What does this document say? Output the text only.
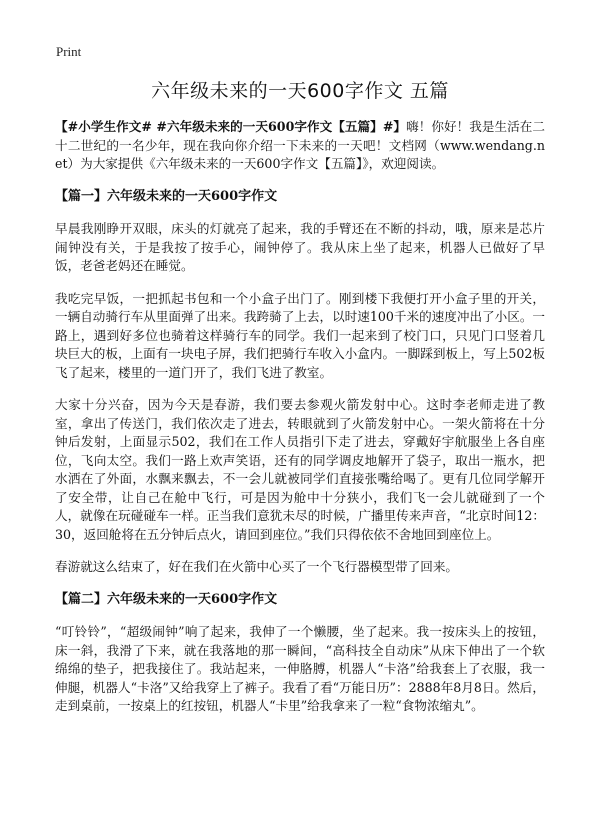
Print
六年级未来的一天600字作文 五篇

【#小学生作文# #六年级未来的一天600字作文【五篇】#】嗨！你好！我是生活在二十二世纪的一名少年，现在我向你介绍一下未来的一天吧！文档网（www.wendang.net）为大家提供《六年级未来的一天600字作文【五篇】》，欢迎阅读。

【篇一】六年级未来的一天600字作文

早晨我刚睁开双眼，床头的灯就亮了起来，我的手臂还在不断的抖动，哦，原来是芯片闹钟没有关，于是我按了按手心，闹钟停了。我从床上坐了起来，机器人已做好了早饭，老爸老妈还在睡觉。

我吃完早饭，一把抓起书包和一个小盒子出门了。刚到楼下我便打开小盒子里的开关，一辆自动骑行车从里面弹了出来。我跨骑了上去，以时速100千米的速度冲出了小区。一路上，遇到好多位也骑着这样骑行车的同学。我们一起来到了校门口，只见门口竖着几块巨大的板，上面有一块电子屏，我们把骑行车收入小盒内。一脚踩到板上，写上502板飞了起来，楼里的一道门开了，我们飞进了教室。

大家十分兴奋，因为今天是春游，我们要去参观火箭发射中心。这时李老师走进了教室，拿出了传送门，我们依次走了进去，转眼就到了火箭发射中心。一架火箭将在十分钟后发射，上面显示502，我们在工作人员指引下走了进去，穿戴好宇航服坐上各自座位，飞向太空。我们一路上欢声笑语，还有的同学调皮地解开了袋子，取出一瓶水，把水洒在了外面，水飘来飘去，不一会儿就被同学们直接张嘴给喝了。更有几位同学解开了安全带，让自己在舱中飞行，可是因为舱中十分狭小，我们飞一会儿就碰到了一个人，就像在玩碰碰车一样。正当我们意犹未尽的时候，广播里传来声音，“北京时间12：30，返回舱将在五分钟后点火，请回到座位。”我们只得依依不舍地回到座位上。

春游就这么结束了，好在我们在火箭中心买了一个飞行器模型带了回来。

【篇二】六年级未来的一天600字作文

“叮铃铃”，“超级闹钟”响了起来，我伸了一个懒腰，坐了起来。我一按床头上的按钮，床一斜，我滑了下来，就在我落地的那一瞬间，“高科技全自动床”从床下伸出了一个软绵绵的垫子，把我接住了。我站起来，一伸胳膊，机器人“卡洛”给我套上了衣服，我一伸腿，机器人“卡洛”又给我穿上了裤子。我看了看“万能日历”：2888年8月8日。然后，走到桌前，一按桌上的红按钮，机器人“卡里”给我拿来了一粒“食物浓缩丸”。
